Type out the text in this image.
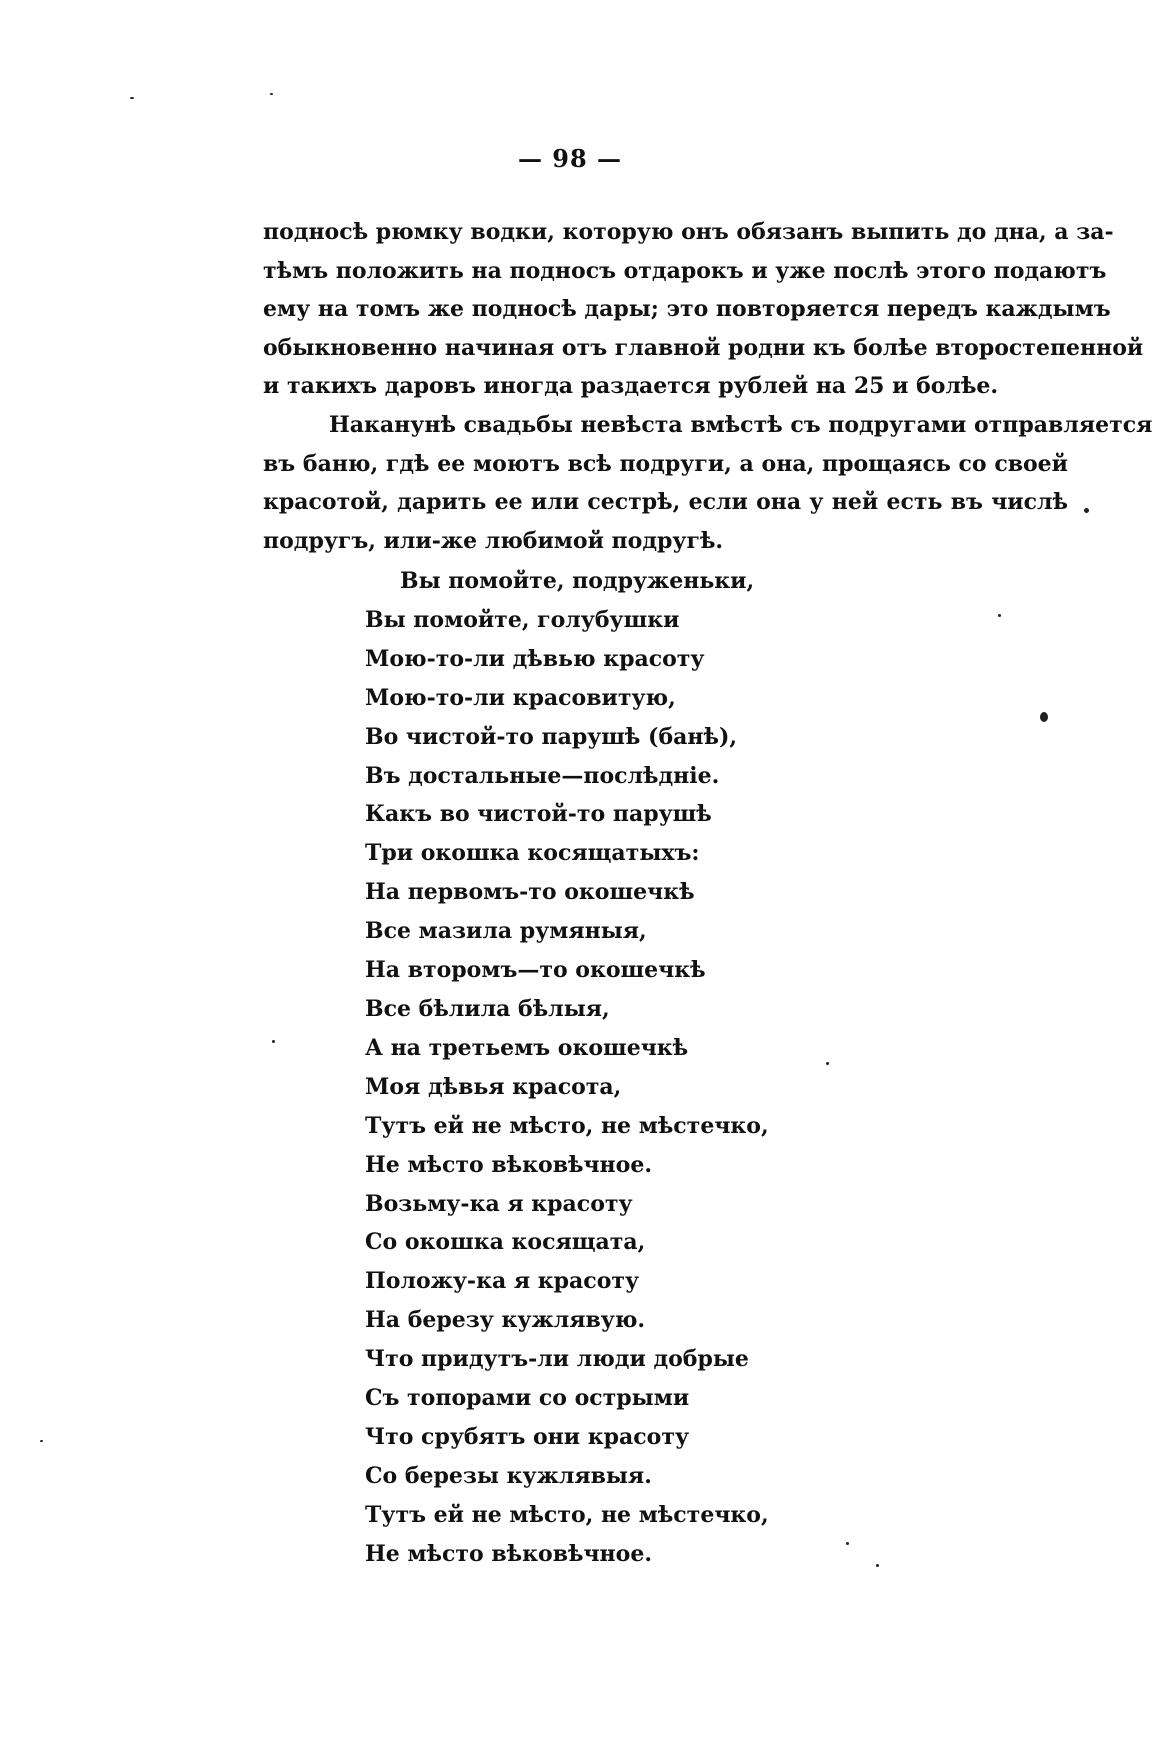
— 98 —
подносѣ рюмку водки, которую онъ обязанъ выпить до дна, а за-
тѣмъ положить на подносъ отдарокъ и уже послѣ этого подаютъ
ему на томъ же подносѣ дары; это повторяется передъ каждымъ
обыкновенно начиная отъ главной родни къ болѣе второстепенной
и такихъ даровъ иногда раздается рублей на 25 и болѣе.
Наканунѣ свадьбы невѣста вмѣстѣ съ подругами отправляется
въ баню, гдѣ ее моютъ всѣ подруги, а она, прощаясь со своей
красотой, дарить ее или сестрѣ, если она у ней есть въ числѣ
подругъ, или-же любимой подругѣ.
Вы помойте, подруженьки,
Вы помойте, голубушки
Мою-то-ли дѣвью красоту
Мою-то-ли красовитую,
Во чистой-то парушѣ (банѣ),
Въ достальные—послѣдніе.
Какъ во чистой-то парушѣ
Три окошка косящатыхъ:
На первомъ-то окошечкѣ
Все мазила румяныя,
На второмъ—то окошечкѣ
Все бѣлила бѣлыя,
А на третьемъ окошечкѣ
Моя дѣвья красота,
Тутъ ей не мѣсто, не мѣстечко,
Не мѣсто вѣковѣчное.
Возьму-ка я красоту
Со окошка косящата,
Положу-ка я красоту
На березу кужлявую.
Что придутъ-ли люди добрые
Съ топорами со острыми
Что срубятъ они красоту
Со березы кужлявыя.
Тутъ ей не мѣсто, не мѣстечко,
Не мѣсто вѣковѣчное.
